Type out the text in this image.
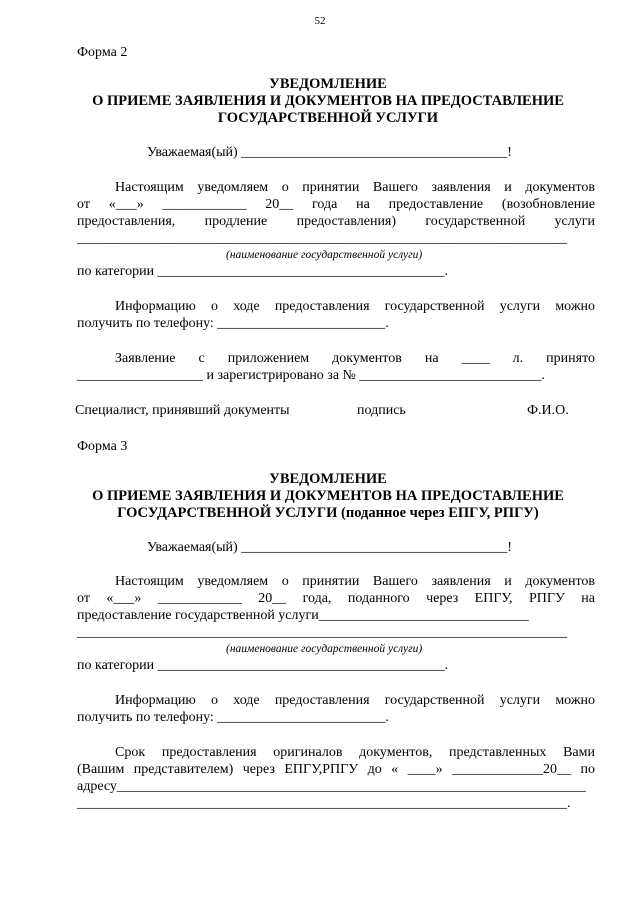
52
Форма 2
УВЕДОМЛЕНИЕ
О ПРИЕМЕ ЗАЯВЛЕНИЯ И ДОКУМЕНТОВ НА ПРЕДОСТАВЛЕНИЕ
ГОСУДАРСТВЕННОЙ УСЛУГИ
Уважаемая(ый) ______________________________________!
Настоящим уведомляем о принятии Вашего заявления и документов
от «___» ____________ 20__ года на предоставление (возобновление
предоставления, продление предоставления) государственной услуги
______________________________________________________________________
(наименование государственной услуги)
по категории _________________________________________.
Информацию о ходе предоставления государственной услуги можно
получить по телефону: ________________________.
Заявление с приложением документов на ____ л. принято
__________________ и зарегистрировано за № __________________________.
Специалист, принявший документы	подпись	Ф.И.О.
Форма 3
УВЕДОМЛЕНИЕ
О ПРИЕМЕ ЗАЯВЛЕНИЯ И ДОКУМЕНТОВ НА ПРЕДОСТАВЛЕНИЕ
ГОСУДАРСТВЕННОЙ УСЛУГИ (поданное через ЕПГУ, РПГУ)
Уважаемая(ый) ______________________________________!
Настоящим уведомляем о принятии Вашего заявления и документов
от «___» ____________ 20__ года, поданного через ЕПГУ, РПГУ на
предоставление государственной услуги______________________________
______________________________________________________________________
(наименование государственной услуги)
по категории _________________________________________.
Информацию о ходе предоставления государственной услуги можно
получить по телефону: ________________________.
Срок предоставления оригиналов документов, представленных Вами
(Вашим представителем) через ЕПГУ,РПГУ до « ____» _____________20__ по
адресу___________________________________________________________________
______________________________________________________________________.
